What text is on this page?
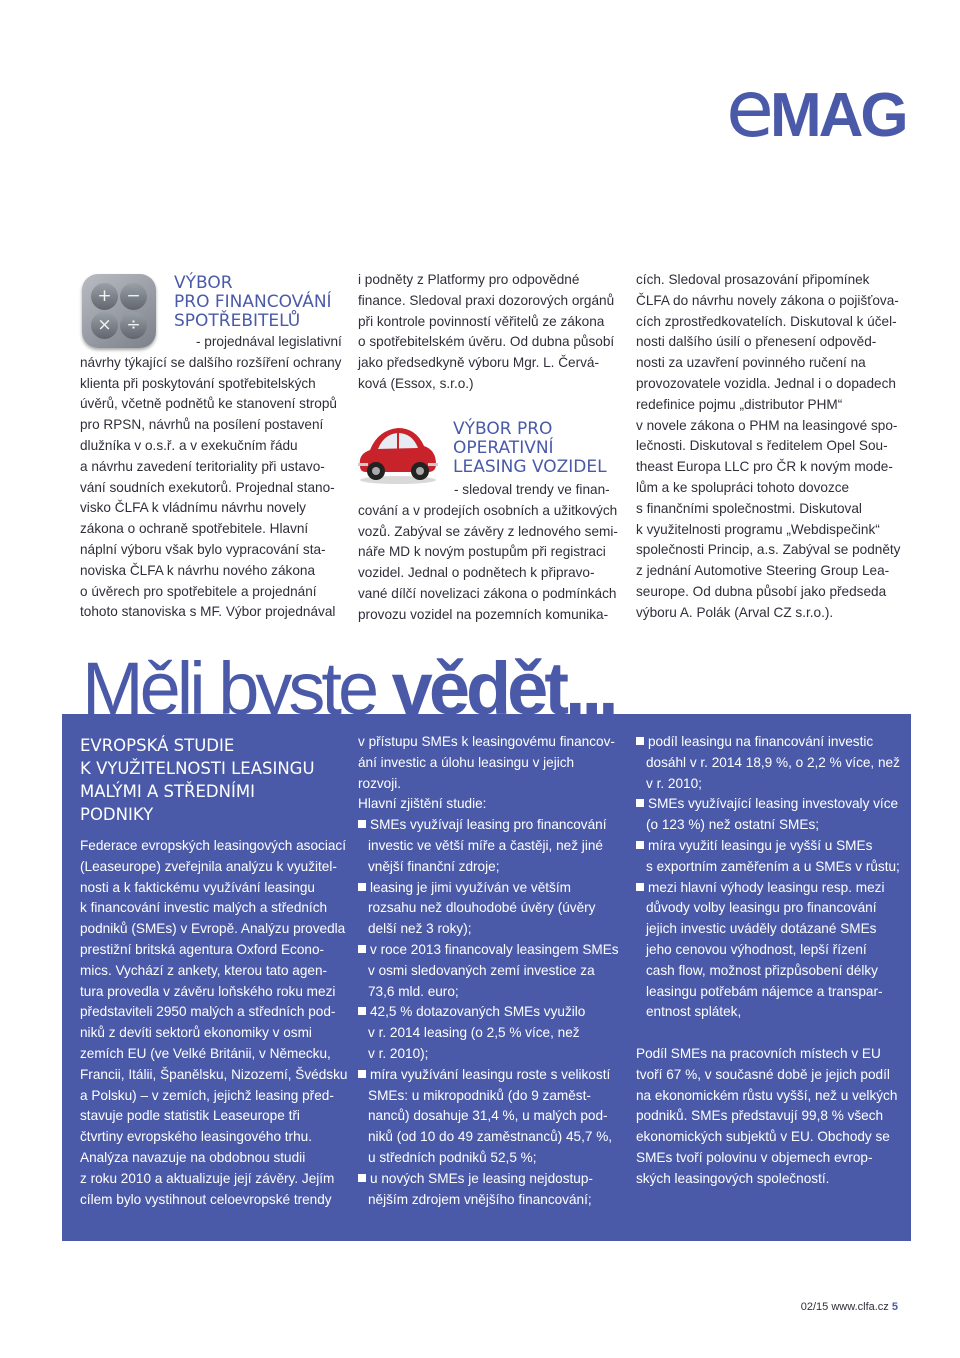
eMAG
+ −
× ÷
VÝBOR
PRO FINANCOVÁNÍ
SPOTŘEBITELŮ
- projednával legislativní
návrhy týkající se dalšího rozšíření ochrany
klienta při poskytování spotřebitelských
úvěrů, včetně podnětů ke stanovení stropů
pro RPSN, návrhů na posílení postavení
dlužníka v o.s.ř. a v exekučním řádu
a návrhu zavedení teritoriality při ustavo-
vání soudních exekutorů. Projednal stano-
visko ČLFA k vládnímu návrhu novely
zákona o ochraně spotřebitele. Hlavní
náplní výboru však bylo vypracování sta-
noviska ČLFA k návrhu nového zákona
o úvěrech pro spotřebitele a projednání
tohoto stanoviska s MF. Výbor projednával
i podněty z Platformy pro odpovědné
finance. Sledoval praxi dozorových orgánů
při kontrole povinností věřitelů ze zákona
o spotřebitelském úvěru. Od dubna působí
jako předsedkyně výboru Mgr. L. Červá-
ková (Essox, s.r.o.)
VÝBOR PRO
OPERATIVNÍ
LEASING VOZIDEL
- sledoval trendy ve finan-
cování a v prodejích osobních a užitkových
vozů. Zabýval se závěry z lednového semi-
náře MD k novým postupům při registraci
vozidel. Jednal o podnětech k připravo-
vané dílčí novelizaci zákona o podmínkách
provozu vozidel na pozemních komunika-
cích. Sledoval prosazování připomínek
ČLFA do návrhu novely zákona o pojišťova-
cích zprostředkovatelích. Diskutoval k účel-
nosti dalšího úsilí o přenesení odpověd-
nosti za uzavření povinného ručení na
provozovatele vozidla. Jednal i o dopadech
redefinice pojmu „distributor PHM“
v novele zákona o PHM na leasingové spo-
lečnosti. Diskutoval s ředitelem Opel Sou-
theast Europa LLC pro ČR k novým mode-
lům a ke spolupráci tohoto dovozce
s finančními společnostmi. Diskutoval
k využitelnosti programu „Webdispečink“
společnosti Princip, a.s. Zabýval se podněty
z jednání Automotive Steering Group Lea-
seurope. Od dubna působí jako předseda
výboru A. Polák (Arval CZ s.r.o.).
Měli byste vědět...
EVROPSKÁ STUDIE
K VYUŽITELNOSTI LEASINGU
MALÝMI A STŘEDNÍMI
PODNIKY
Federace evropských leasingových asociací
(Leaseurope) zveřejnila analýzu k využitel-
nosti a k faktickému využívání leasingu
k financování investic malých a středních
podniků (SMEs) v Evropě. Analýzu provedla
prestižní britská agentura Oxford Econo-
mics. Vychází z ankety, kterou tato agen-
tura provedla v závěru loňského roku mezi
představiteli 2950 malých a středních pod-
niků z devíti sektorů ekonomiky v osmi
zemích EU (ve Velké Británii, v Německu,
Francii, Itálii, Španělsku, Nizozemí, Švédsku
a Polsku) – v zemích, jejichž leasing před-
stavuje podle statistik Leaseurope tři
čtvrtiny evropského leasingového trhu.
Analýza navazuje na obdobnou studii
z roku 2010 a aktualizuje její závěry. Jejím
cílem bylo vystihnout celoevropské trendy
v přístupu SMEs k leasingovému financov-
ání investic a úlohu leasingu v jejich
rozvoji.
Hlavní zjištění studie:
SMEs využívají leasing pro financování
investic ve větší míře a častěji, než jiné
vnější finanční zdroje;
leasing je jimi využíván ve větším
rozsahu než dlouhodobé úvěry (úvěry
delší než 3 roky);
v roce 2013 financovaly leasingem SMEs
v osmi sledovaných zemí investice za
73,6 mld. euro;
42,5 % dotazovaných SMEs využilo
v r. 2014 leasing (o 2,5 % více, než
v r. 2010);
míra využívání leasingu roste s velikostí
SMEs: u mikropodniků (do 9 zaměst-
nanců) dosahuje 31,4 %, u malých pod-
niků (od 10 do 49 zaměstnanců) 45,7 %,
u středních podniků 52,5 %;
u nových SMEs je leasing nejdostup-
nějším zdrojem vnějšího financování;
podíl leasingu na financování investic
dosáhl v r. 2014 18,9 %, o 2,2 % více, než
v r. 2010;
SMEs využívající leasing investovaly více
(o 123 %) než ostatní SMEs;
míra využití leasingu je vyšší u SMEs
s exportním zaměřením a u SMEs v růstu;
mezi hlavní výhody leasingu resp. mezi
důvody volby leasingu pro financování
jejich investic uváděly dotázané SMEs
jeho cenovou výhodnost, lepší řízení
cash flow, možnost přizpůsobení délky
leasingu potřebám nájemce a transpar-
entnost splátek,
Podíl SMEs na pracovních místech v EU
tvoří 67 %, v současné době je jejich podíl
na ekonomickém růstu vyšší, než u velkých
podniků. SMEs představují 99,8 % všech
ekonomických subjektů v EU. Obchody se
SMEs tvoří polovinu v objemech evrop-
ských leasingových společností.
02/15 www.clfa.cz 5
